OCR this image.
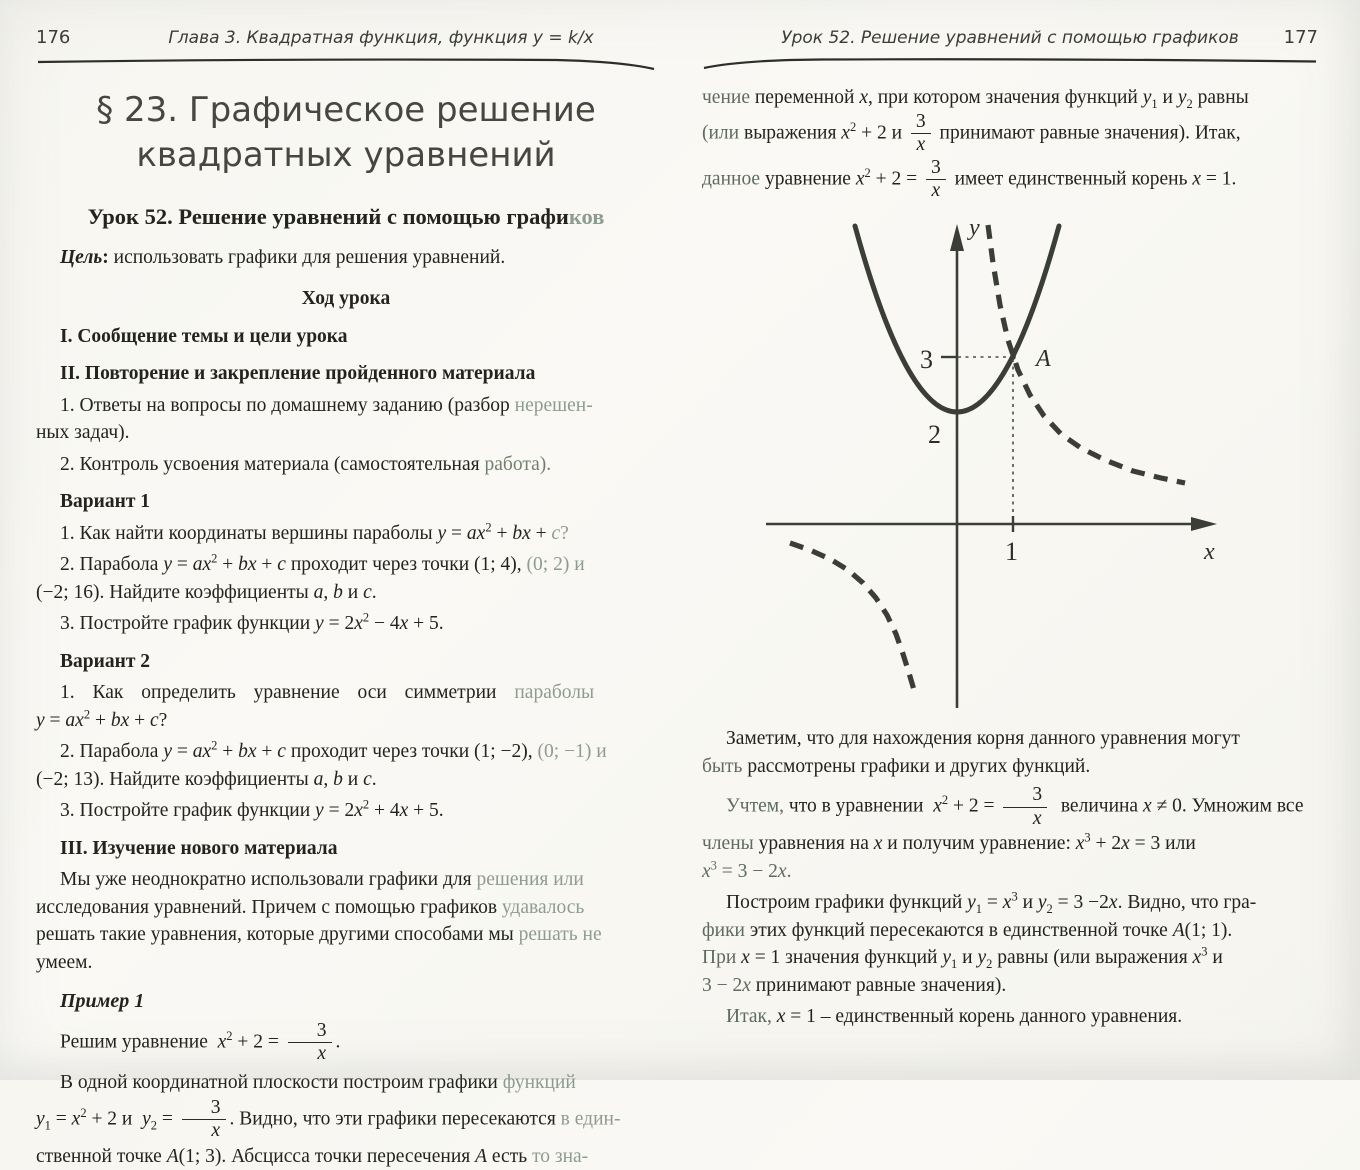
176	Глава 3. Квадратная функция, функция y = k/x
§ 23. Графическое решение
квадратных уравнений
Урок 52. Решение уравнений с помощью графиков

Цель: использовать графики для решения уравнений.

Ход урока
I. Сообщение темы и цели урока
II. Повторение и закрепление пройденного материала

1. Ответы на вопросы по домашнему заданию (разбор нерешен-
ных задач).

2. Контроль усвоения материала (самостоятельная работа).

Вариант 1

1. Как найти координаты вершины параболы $y = ax^2$ + bx + c?

2. Парабола $y = ax^2$ + bx + c проходит через точки (1; 4), (0; 2) и
(−2; 16). Найдите коэффициенты a, b и c.

3. Постройте график функции $y = 2x^2 - 4x + 5$.

Вариант 2

1. Как определить уравнение оси симметрии параболы
$y = ax^2$ + bx + c?

2. Парабола $y = ax^2$ + bx + c проходит через точки (1; −2), (0; −1) и
(−2; 13). Найдите коэффициенты a, b и c.

3. Постройте график функции $y = 2x^2 + 4x + 5$.

III. Изучение нового материала

Мы уже неоднократно использовали графики для решения или
исследования уравнений. Причем с помощью графиков удавалось
решать такие уравнения, которые другими способами мы решать не
умеем.

Пример 1

Решим уравнение  $x^2 + 2 = \frac{3}{x}$ .

В одной координатной плоскости построим графики функций
$y_1 = x^2 + 2$ и  $y_2 = \frac{3}{x}$ . Видно, что эти графики пересекаются в един-
ственной точке A(1; 3). Абсцисса точки пересечения A есть то зна-

Урок 52. Решение уравнений с помощью графиков	177

чение переменной x, при котором значения функций $y_1$ и $y_2$ равны
(или выражения $x^2 + 2$ и $\frac{3}{x}$ принимают равные значения). Итак,
данное уравнение $x^2 + 2 = \frac{3}{x}$ имеет единственный корень x = 1.

3
2
1
A
y
x

Заметим, что для нахождения корня данного уравнения могут
быть рассмотрены графики и других функций.

Учтем, что в уравнении  $x^2 + 2 = \frac{3}{x}$ величина x ≠ 0. Умножим все
члены уравнения на x и получим уравнение: $x^3 + 2x = 3$ или
$x^3 = 3 - 2x$.

Построим графики функций $y_1 = x^3$ и $y_2 = 3 -2x$. Видно, что гра-
фики этих функций пересекаются в единственной точке A(1; 1).
При x = 1 значения функций $y_1$ и $y_2$ равны (или выражения $x^3$ и
3 − 2x принимают равные значения).

Итак, x = 1 – единственный корень данного уравнения.
